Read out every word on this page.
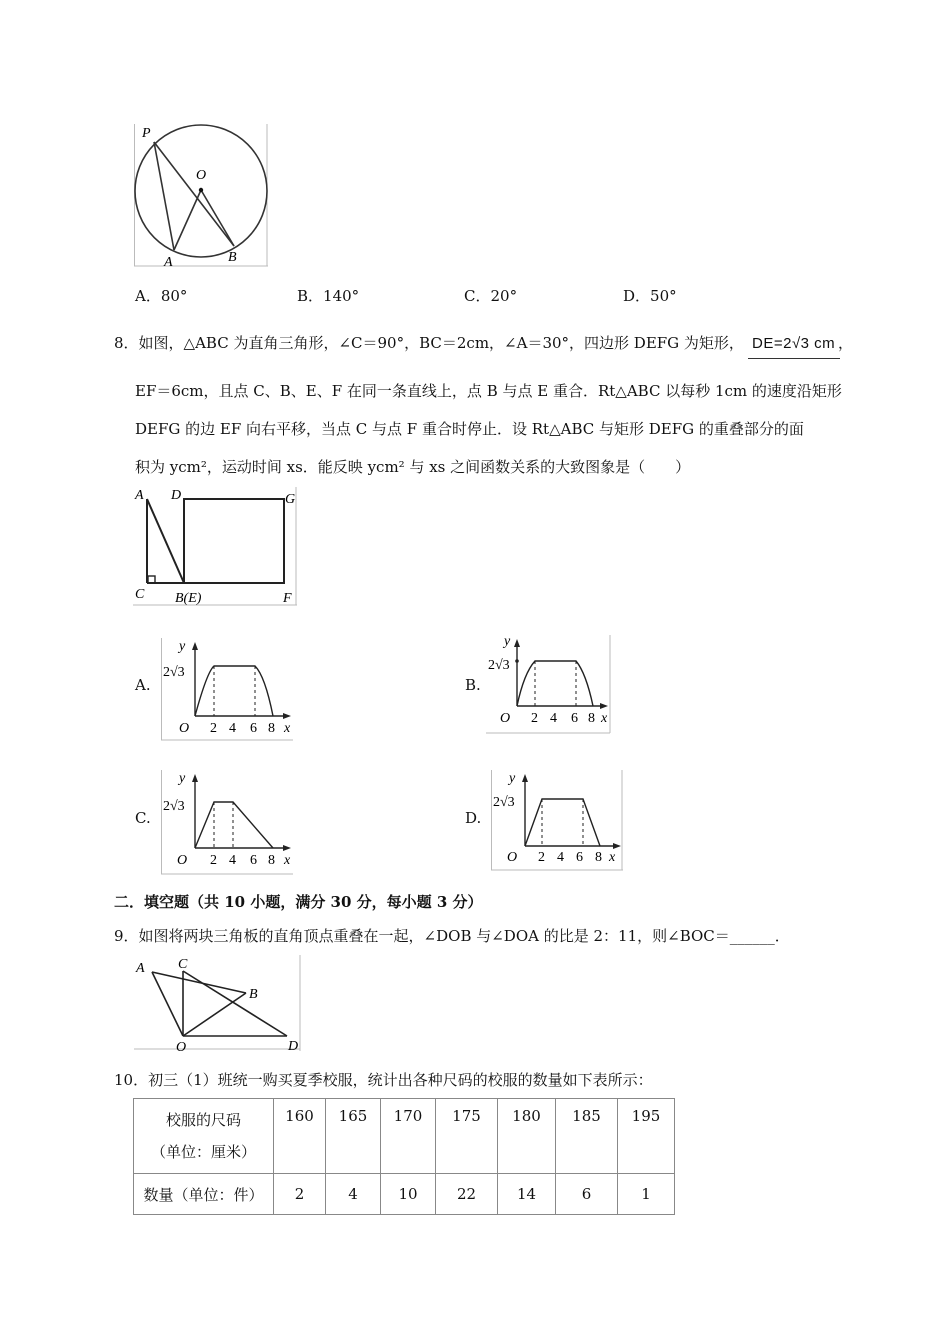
P
O
A	B
A．80°	B．140°	C．20°	D．50°
8．如图，△ABC 为直角三角形，∠C＝90°，BC＝2cm，∠A＝30°，四边形 DEFG 为矩形， DE=2√3 cm ，
EF＝6cm，且点 C、B、E、F 在同一条直线上，点 B 与点 E 重合．Rt△ABC 以每秒 1cm 的速度沿矩形
DEFG 的边 EF 向右平移，当点 C 与点 F 重合时停止．设 Rt△ABC 与矩形 DEFG 的重叠部分的面
积为 ycm²，运动时间 xs．能反映 ycm² 与 xs 之间函数关系的大致图象是（　　）
A D	G
C B(E)	F
A.	B.
C.	D.
y
2√3
O 2 4 6 8 x
y
2√3
O 2 4 6 8 x
y
2√3
O 2 4 6 8 x
y
2√3
O 2 4 6 8 x
二．填空题（共 10 小题，满分 30 分，每小题 3 分）
9．如图将两块三角板的直角顶点重叠在一起，∠DOB 与∠DOA 的比是 2：11，则∠BOC＝______．
A C
B
O	D
10．初三（1）班统一购买夏季校服，统计出各种尺码的校服的数量如下表所示：
校服的尺码
（单位：厘米）	160	165	170	175	180	185	195
数量（单位：件）	2	4	10	22	14	6	1
